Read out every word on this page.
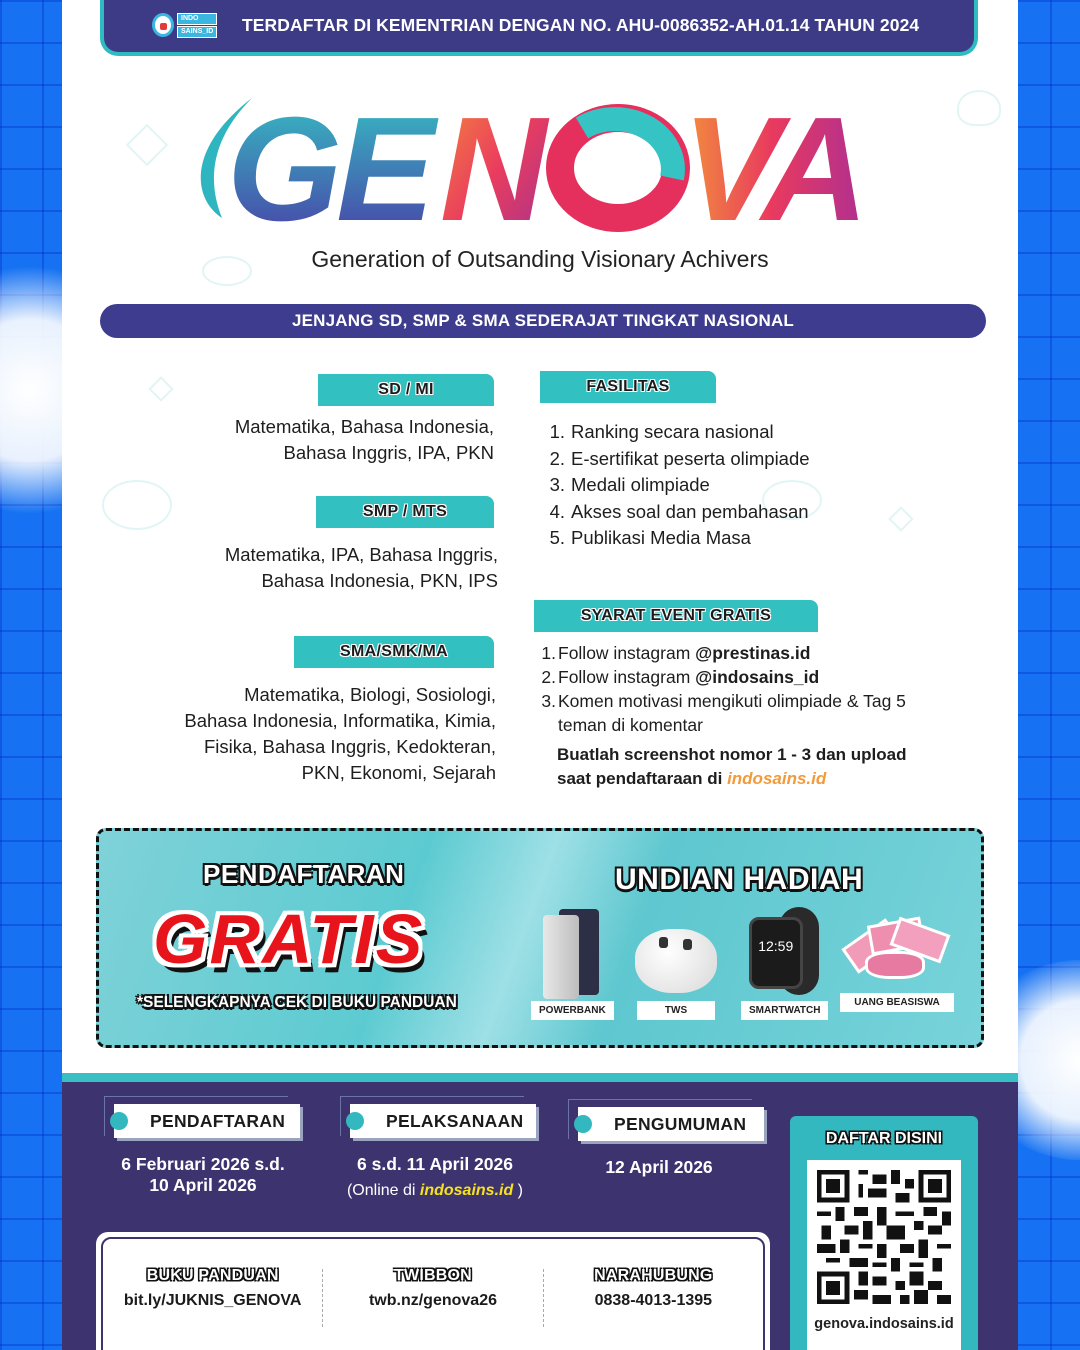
INDO
SAINS_ID TERDAFTAR DI KEMENTRIAN DENGAN NO. AHU-0086352-AH.01.14 TAHUN 2024
GE N VA
Generation of Outsanding Visionary Achivers
JENJANG SD, SMP & SMA SEDERAJAT TINGKAT NASIONAL
SD / MI
Matematika, Bahasa Indonesia,
Bahasa Inggris, IPA, PKN
SMP / MTS
Matematika, IPA, Bahasa Inggris,
Bahasa Indonesia, PKN, IPS
SMA/SMK/MA
Matematika, Biologi, Sosiologi,
Bahasa Indonesia, Informatika, Kimia,
Fisika, Bahasa Inggris, Kedokteran,
PKN, Ekonomi, Sejarah
FASILITAS
1. Ranking secara nasional
2. E-sertifikat peserta olimpiade
3. Medali olimpiade
4. Akses soal dan pembahasan
5. Publikasi Media Masa
SYARAT EVENT GRATIS
1. Follow instagram @prestinas.id
2. Follow instagram @indosains_id
3. Komen motivasi mengikuti olimpiade & Tag 5
teman di komentar
Buatlah screenshot nomor 1 - 3 dan upload
saat pendaftaraan di indosains.id
PENDAFTARAN
GRATIS
*SELENGKAPNYA CEK DI BUKU PANDUAN
UNDIAN HADIAH
POWERBANK	TWS
12:59
SMARTWATCH
UANG BEASISWA
PENDAFTARAN
6 Februari 2026 s.d.
10 April 2026
PELAKSANAAN
6 s.d. 11 April 2026
(Online di indosains.id )
PENGUMUMAN
12 April 2026
BUKU PANDUAN
bit.ly/JUKNIS_GENOVA
TWIBBON
twb.nz/genova26
NARAHUBUNG
0838-4013-1395
DAFTAR DISINI
genova.indosains.id
